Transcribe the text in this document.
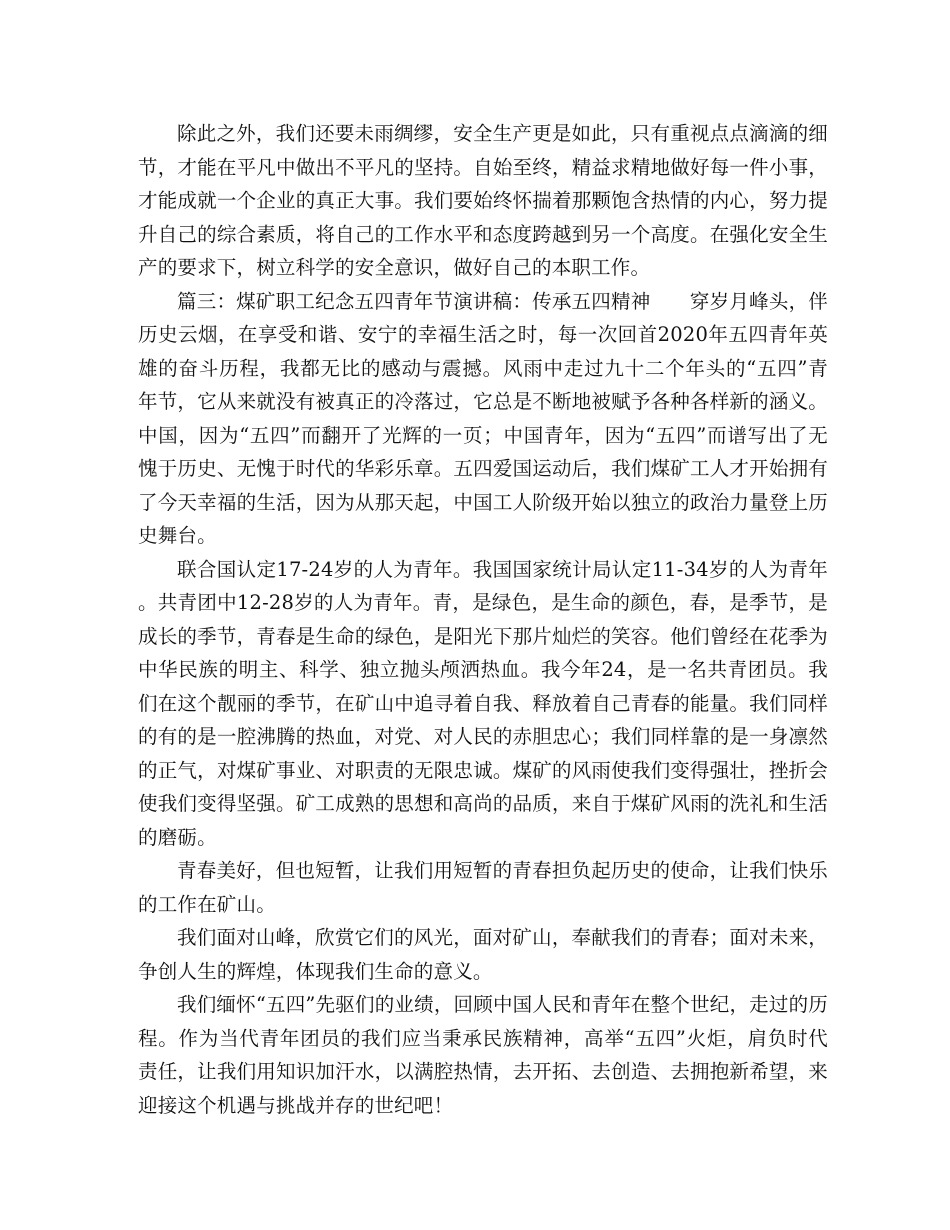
除此之外，我们还要未雨绸缪，安全生产更是如此，只有重视点点滴滴的细节，才能在平凡中做出不平凡的坚持。自始至终，精益求精地做好每一件小事，才能成就一个企业的真正大事。我们要始终怀揣着那颗饱含热情的内心，努力提升自己的综合素质，将自己的工作水平和态度跨越到另一个高度。在强化安全生产的要求下，树立科学的安全意识，做好自己的本职工作。

篇三：煤矿职工纪念五四青年节演讲稿：传承五四精神　　穿岁月峰头，伴历史云烟，在享受和谐、安宁的幸福生活之时，每一次回首2020年五四青年英雄的奋斗历程，我都无比的感动与震撼。风雨中走过九十二个年头的“五四”青年节，它从来就没有被真正的冷落过，它总是不断地被赋予各种各样新的涵义。中国，因为“五四”而翻开了光辉的一页；中国青年，因为“五四”而谱写出了无愧于历史、无愧于时代的华彩乐章。五四爱国运动后，我们煤矿工人才开始拥有了今天幸福的生活，因为从那天起，中国工人阶级开始以独立的政治力量登上历史舞台。

联合国认定17-24岁的人为青年。我国国家统计局认定11-34岁的人为青年。共青团中12-28岁的人为青年。青，是绿色，是生命的颜色，春，是季节，是成长的季节，青春是生命的绿色，是阳光下那片灿烂的笑容。他们曾经在花季为中华民族的明主、科学、独立抛头颅洒热血。我今年24，是一名共青团员。我们在这个靓丽的季节，在矿山中追寻着自我、释放着自己青春的能量。我们同样的有的是一腔沸腾的热血，对党、对人民的赤胆忠心；我们同样靠的是一身凛然的正气，对煤矿事业、对职责的无限忠诚。煤矿的风雨使我们变得强壮，挫折会使我们变得坚强。矿工成熟的思想和高尚的品质，来自于煤矿风雨的洗礼和生活的磨砺。

青春美好，但也短暂，让我们用短暂的青春担负起历史的使命，让我们快乐的工作在矿山。

我们面对山峰，欣赏它们的风光，面对矿山，奉献我们的青春；面对未来，争创人生的辉煌，体现我们生命的意义。

我们缅怀“五四”先驱们的业绩，回顾中国人民和青年在整个世纪，走过的历程。作为当代青年团员的我们应当秉承民族精神，高举“五四”火炬，肩负时代责任，让我们用知识加汗水，以满腔热情，去开拓、去创造、去拥抱新希望，来迎接这个机遇与挑战并存的世纪吧！
